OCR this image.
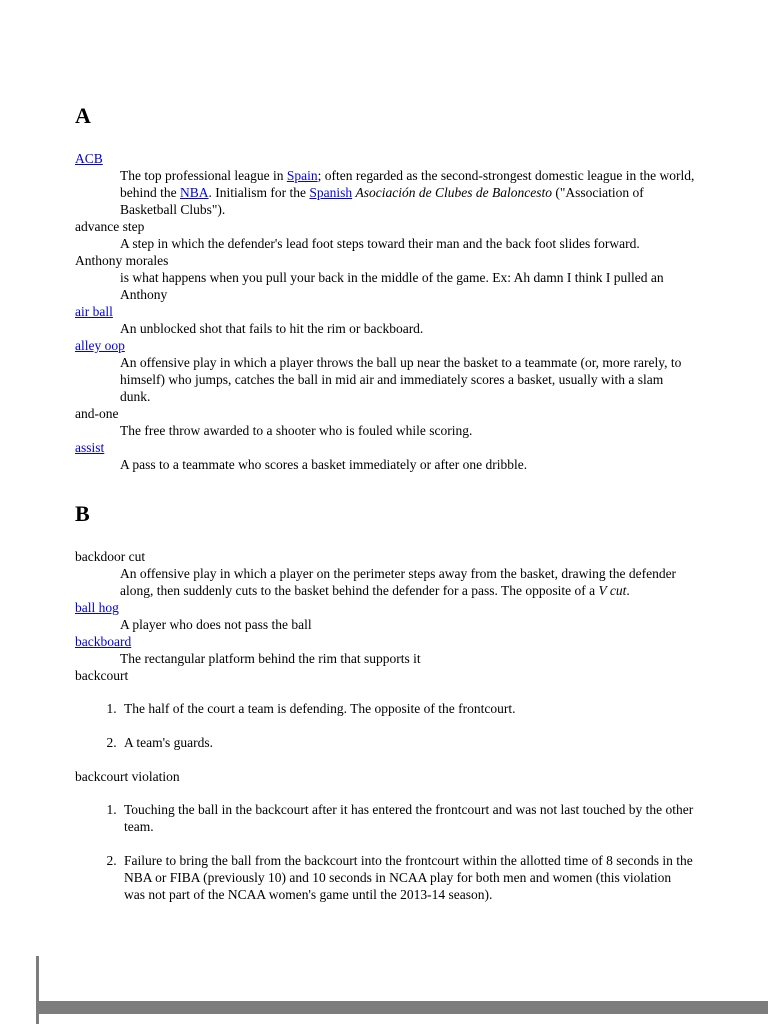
A
ACB
The top professional league in Spain; often regarded as the second-strongest domestic league in the world, behind the NBA. Initialism for the Spanish Asociación de Clubes de Baloncesto ("Association of Basketball Clubs").
advance step
A step in which the defender's lead foot steps toward their man and the back foot slides forward.
Anthony morales
is what happens when you pull your back in the middle of the game. Ex: Ah damn I think I pulled an Anthony
air ball
An unblocked shot that fails to hit the rim or backboard.
alley oop
An offensive play in which a player throws the ball up near the basket to a teammate (or, more rarely, to himself) who jumps, catches the ball in mid air and immediately scores a basket, usually with a slam dunk.
and-one
The free throw awarded to a shooter who is fouled while scoring.
assist
A pass to a teammate who scores a basket immediately or after one dribble.
B
backdoor cut
An offensive play in which a player on the perimeter steps away from the basket, drawing the defender along, then suddenly cuts to the basket behind the defender for a pass. The opposite of a V cut.
ball hog
A player who does not pass the ball
backboard
The rectangular platform behind the rim that supports it
backcourt
1. The half of the court a team is defending. The opposite of the frontcourt.
2. A team's guards.
backcourt violation
1. Touching the ball in the backcourt after it has entered the frontcourt and was not last touched by the other team.
2. Failure to bring the ball from the backcourt into the frontcourt within the allotted time of 8 seconds in the NBA or FIBA (previously 10) and 10 seconds in NCAA play for both men and women (this violation was not part of the NCAA women's game until the 2013-14 season).
